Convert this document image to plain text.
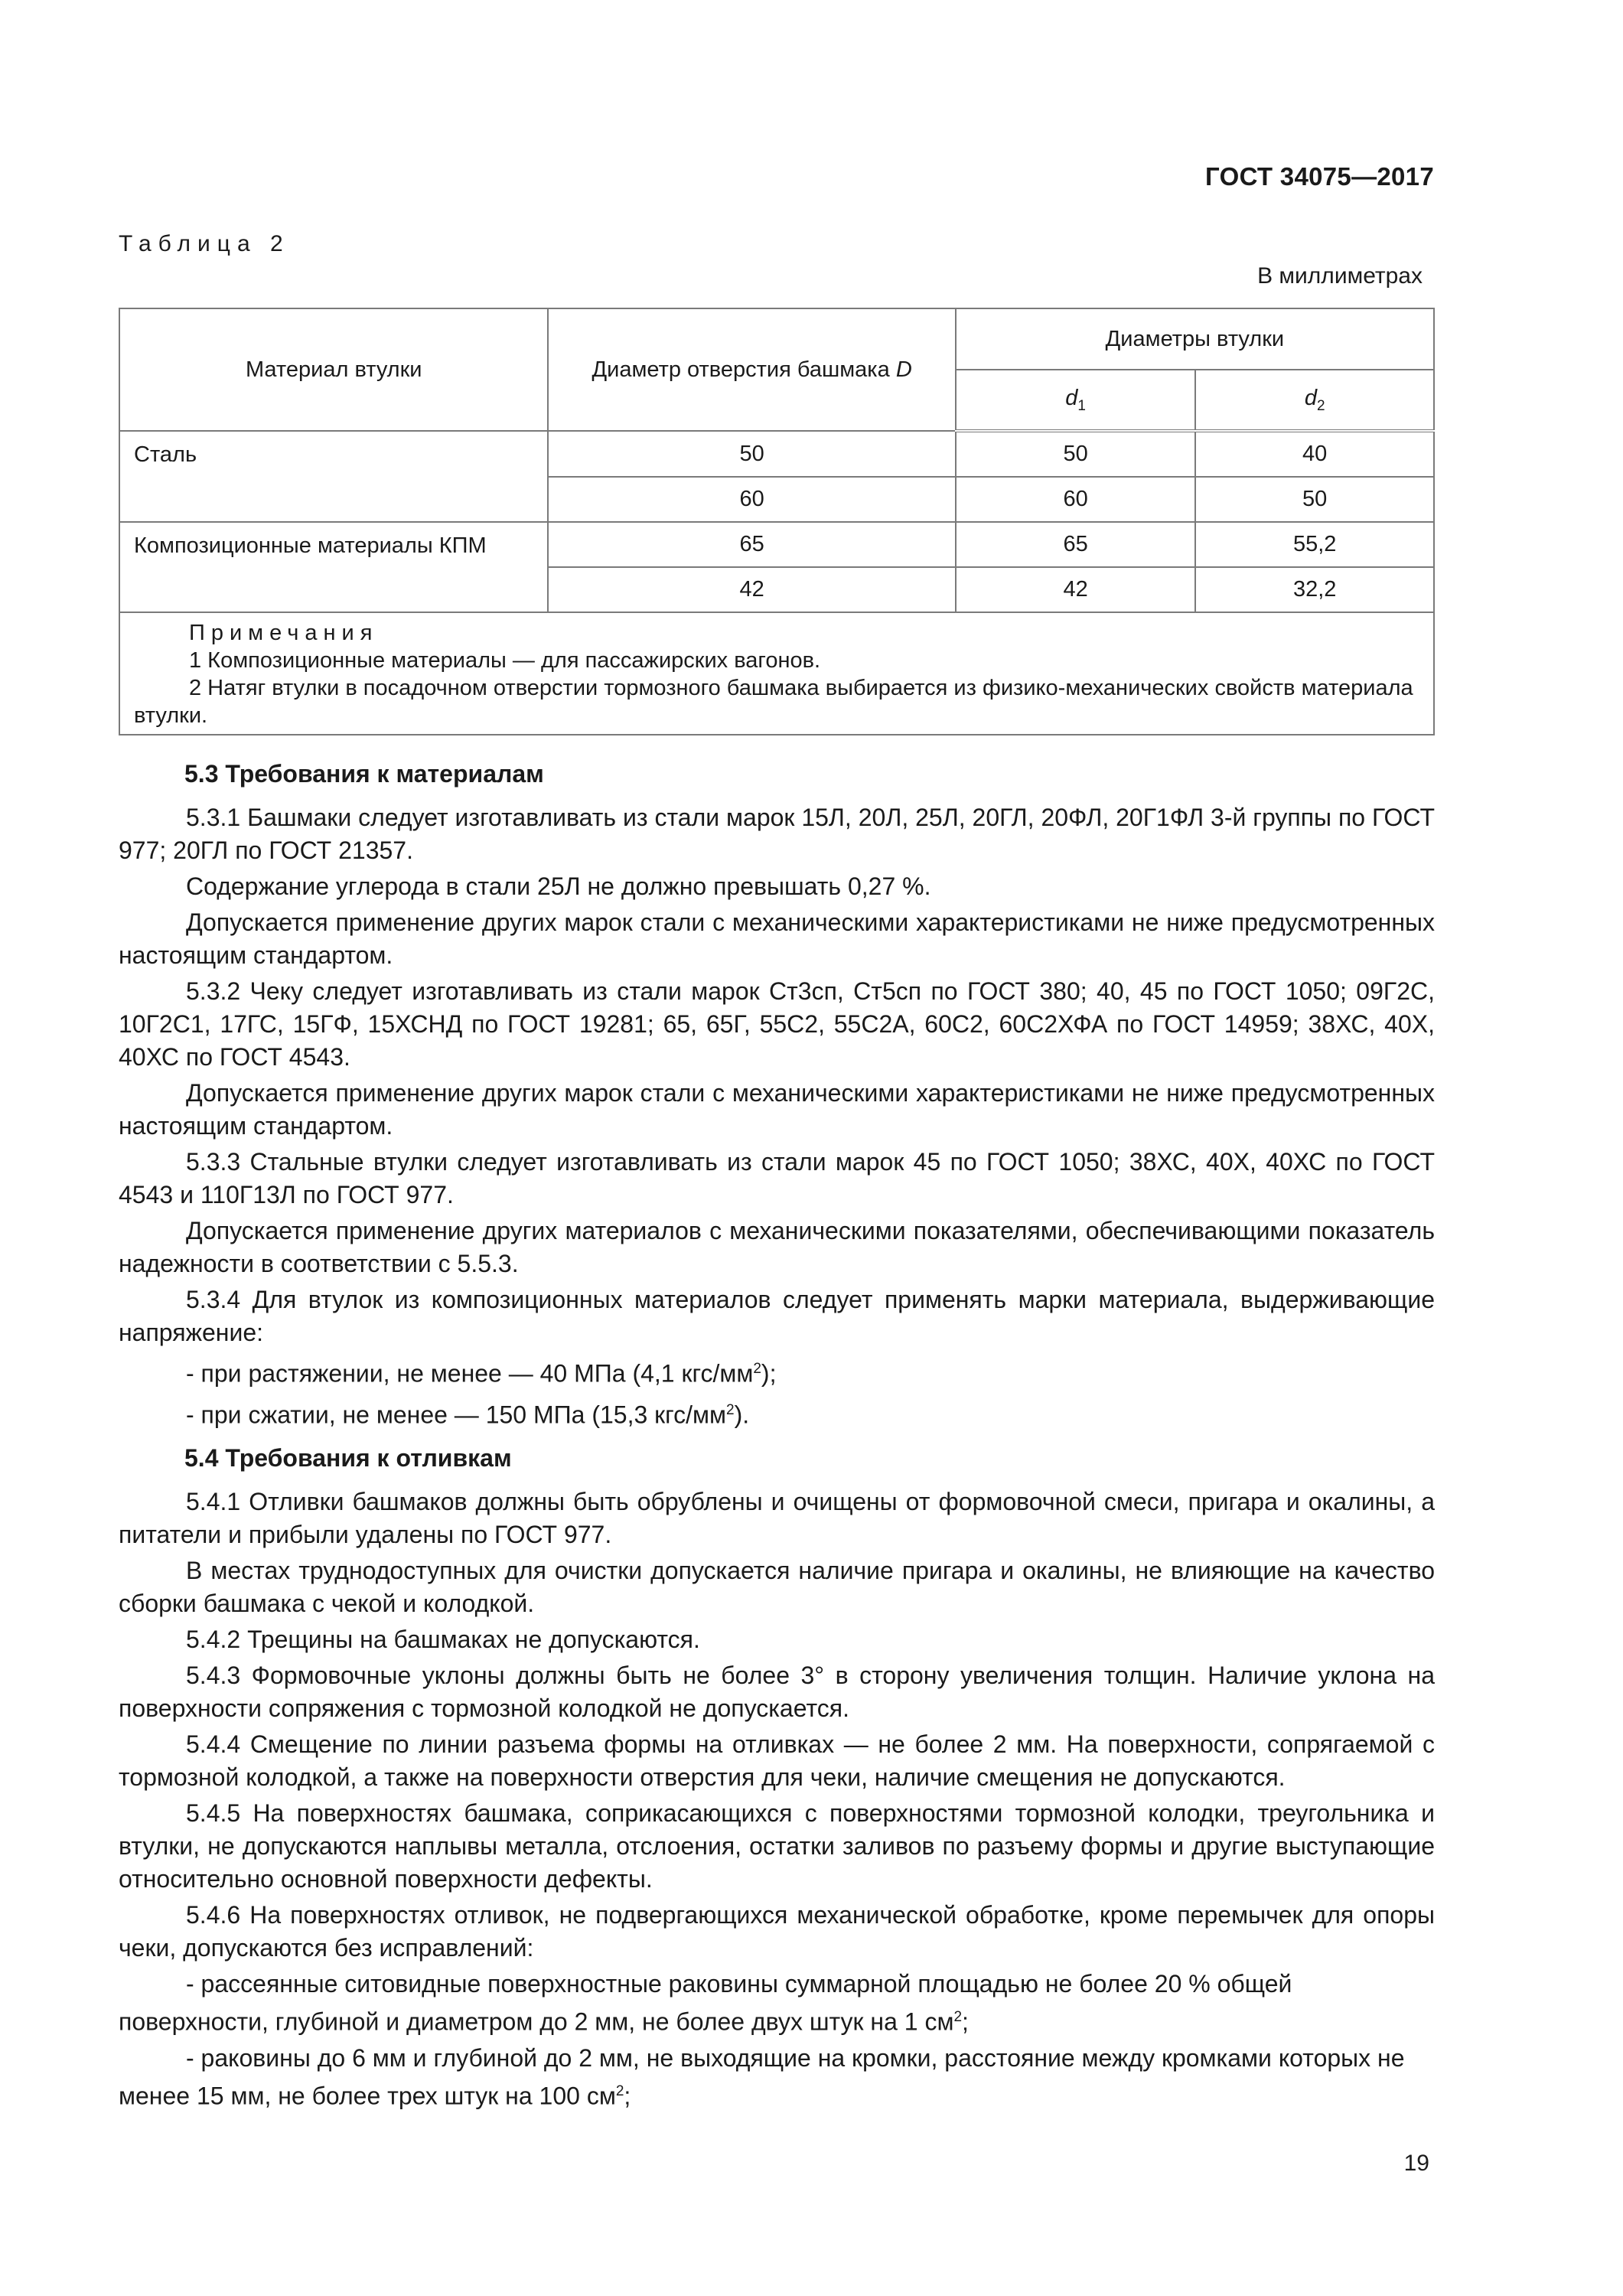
ГОСТ 34075—2017
Таблица 2
В миллиметрах
Материал втулки	Диаметр отверстия башмака D	Диаметры втулки	
		$d_1$	$d_2$
Сталь	50	50	40
	60	60	50
Композиционные материалы КПМ	65	65	55,2
	42	42	32,2

Примечания
1 Композиционные материалы — для пассажирских вагонов.
2 Натяг втулки в посадочном отверстии тормозного башмака выбирается из физико-механических свойств материала втулки.			
5.3 Требования к материалам
5.3.1 Башмаки следует изготавливать из стали марок 15Л, 20Л, 25Л, 20ГЛ, 20ФЛ, 20Г1ФЛ 3-й группы по ГОСТ 977; 20ГЛ по ГОСТ 21357.
Содержание углерода в стали 25Л не должно превышать 0,27 %.
Допускается применение других марок стали с механическими характеристиками не ниже предусмотренных настоящим стандартом.
5.3.2 Чеку следует изготавливать из стали марок Ст3сп, Ст5сп по ГОСТ 380; 40, 45 по ГОСТ 1050; 09Г2С, 10Г2С1, 17ГС, 15ГФ, 15ХСНД по ГОСТ 19281; 65, 65Г, 55С2, 55С2А, 60С2, 60С2ХФА по ГОСТ 14959; 38ХС, 40Х, 40ХС по ГОСТ 4543.
Допускается применение других марок стали с механическими характеристиками не ниже предусмотренных настоящим стандартом.
5.3.3 Стальные втулки следует изготавливать из стали марок 45 по ГОСТ 1050; 38ХС, 40Х, 40ХС по ГОСТ 4543 и 110Г13Л по ГОСТ 977.
Допускается применение других материалов с механическими показателями, обеспечивающими показатель надежности в соответствии с 5.5.3.
5.3.4 Для втулок из композиционных материалов следует применять марки материала, выдерживающие напряжение:
- при растяжении, не менее — 40 МПа (4,1 кгс/$мм^2$);
- при сжатии, не менее — 150 МПа (15,3 кгс/$мм^2$).
5.4 Требования к отливкам
5.4.1 Отливки башмаков должны быть обрублены и очищены от формовочной смеси, пригара и окалины, а питатели и прибыли удалены по ГОСТ 977.
В местах труднодоступных для очистки допускается наличие пригара и окалины, не влияющие на качество сборки башмака с чекой и колодкой.
5.4.2 Трещины на башмаках не допускаются.
5.4.3 Формовочные уклоны должны быть не более 3° в сторону увеличения толщин. Наличие уклона на поверхности сопряжения с тормозной колодкой не допускается.
5.4.4 Смещение по линии разъема формы на отливках — не более 2 мм. На поверхности, сопрягаемой с тормозной колодкой, а также на поверхности отверстия для чеки, наличие смещения не допускаются.
5.4.5 На поверхностях башмака, соприкасающихся с поверхностями тормозной колодки, треугольника и втулки, не допускаются наплывы металла, отслоения, остатки заливов по разъему формы и другие выступающие относительно основной поверхности дефекты.
5.4.6 На поверхностях отливок, не подвергающихся механической обработке, кроме перемычек для опоры чеки, допускаются без исправлений:
- рассеянные ситовидные поверхностные раковины суммарной площадью не более 20 % общей поверхности, глубиной и диаметром до 2 мм, не более двух штук на 1 $см^2$;
- раковины до 6 мм и глубиной до 2 мм, не выходящие на кромки, расстояние между кромками которых не менее 15 мм, не более трех штук на 100 $см^2$;
19
